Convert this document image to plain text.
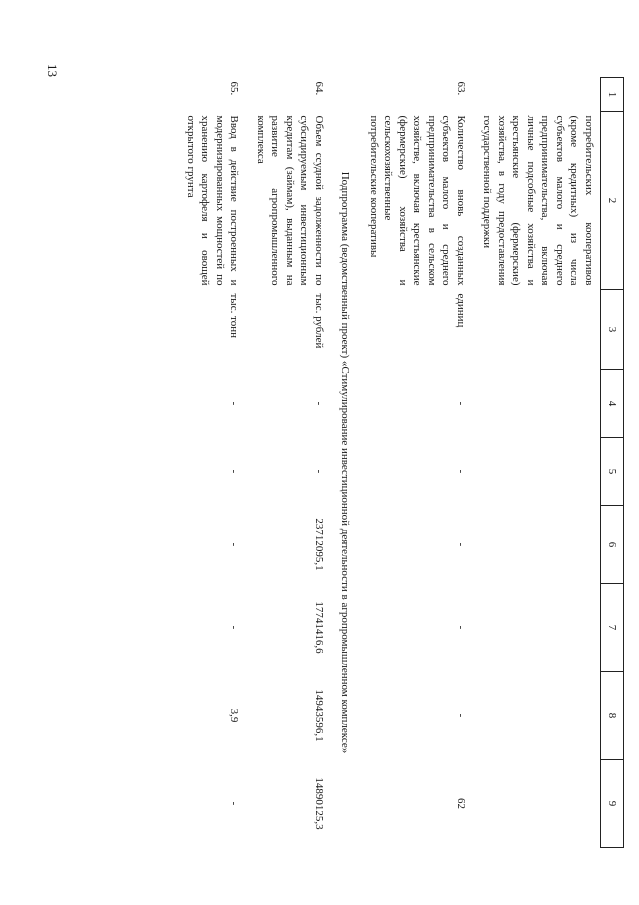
13
1	2	3	4	5	6	7	8	9
	потребительских кооперативов (кроме кредитных) из числа субъектов малого и среднего предпринимательства, включая личные подсобные хозяйства и крестьянские (фермерские) хозяйства, в году предоставления государственной поддержки							
63.	Количество вновь созданных субъектов малого и среднего предпринимательства в сельском хозяйстве, включая крестьянские (фермерские) хозяйства и сельскохозяйственные потребительские кооперативы	единиц	-	-	-	-	-	62
Подпрограмма (ведомственный проект) «Стимулирование инвестиционной деятельности в агропромышленном комплексе»								
64.	Объем ссудной задолженности по субсидируемым инвестиционным кредитам (займам), выданным на развитие агропромышленного комплекса	тыс. рублей	-	-	23712095,1	17741416,6	14943596,1	14890125,3
65.	Ввод в действие построенных и модернизированных мощностей по хранению картофеля и овощей открытого грунта	тыс. тонн	-	-	-	-	3,9	-
